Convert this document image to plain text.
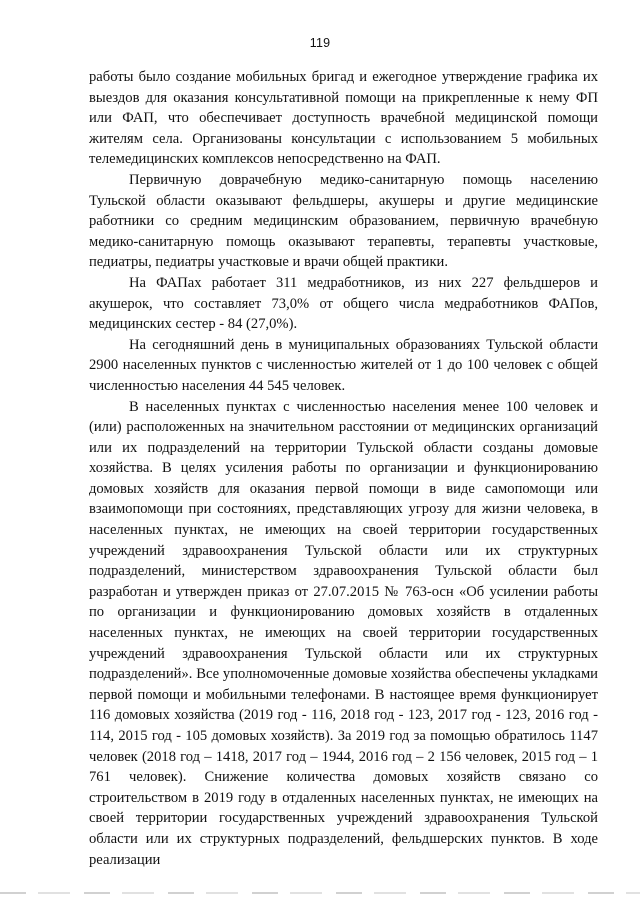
119

работы было создание мобильных бригад и ежегодное утверждение графика их выездов для оказания консультативной помощи на прикрепленные к нему ФП или ФАП, что обеспечивает доступность врачебной медицинской помощи жителям села. Организованы консультации с использованием 5 мобильных телемедицинских комплексов непосредственно на ФАП.

Первичную доврачебную медико-санитарную помощь населению Тульской области оказывают фельдшеры, акушеры и другие медицинские работники со средним медицинским образованием, первичную врачебную медико-санитарную помощь оказывают терапевты, терапевты участковые, педиатры, педиатры участковые и врачи общей практики.

На ФАПах работает 311 медработников, из них 227 фельдшеров и акушерок, что составляет 73,0% от общего числа медработников ФАПов, медицинских сестер - 84 (27,0%).

На сегодняшний день в муниципальных образованиях Тульской области 2900 населенных пунктов с численностью жителей от 1 до 100 человек с общей численностью населения 44 545 человек.

В населенных пунктах с численностью населения менее 100 человек и (или) расположенных на значительном расстоянии от медицинских организаций или их подразделений на территории Тульской области созданы домовые хозяйства. В целях усиления работы по организации и функционированию домовых хозяйств для оказания первой помощи в виде самопомощи или взаимопомощи при состояниях, представляющих угрозу для жизни человека, в населенных пунктах, не имеющих на своей территории государственных учреждений здравоохранения Тульской области или их структурных подразделений, министерством здравоохранения Тульской области был разработан и утвержден приказ от 27.07.2015 № 763-осн «Об усилении работы по организации и функционированию домовых хозяйств в отдаленных населенных пунктах, не имеющих на своей территории государственных учреждений здравоохранения Тульской области или их структурных подразделений». Все уполномоченные домовые хозяйства обеспечены укладками первой помощи и мобильными телефонами. В настоящее время функционирует 116 домовых хозяйства (2019 год - 116, 2018 год - 123, 2017 год - 123, 2016 год - 114, 2015 год - 105 домовых хозяйств). За 2019 год за помощью обратилось 1147 человек (2018 год – 1418, 2017 год – 1944, 2016 год – 2 156 человек, 2015 год – 1 761 человек). Снижение количества домовых хозяйств связано со строительством в 2019 году в отдаленных населенных пунктах, не имеющих на своей территории государственных учреждений здравоохранения Тульской области или их структурных подразделений, фельдшерских пунктов. В ходе реализации
